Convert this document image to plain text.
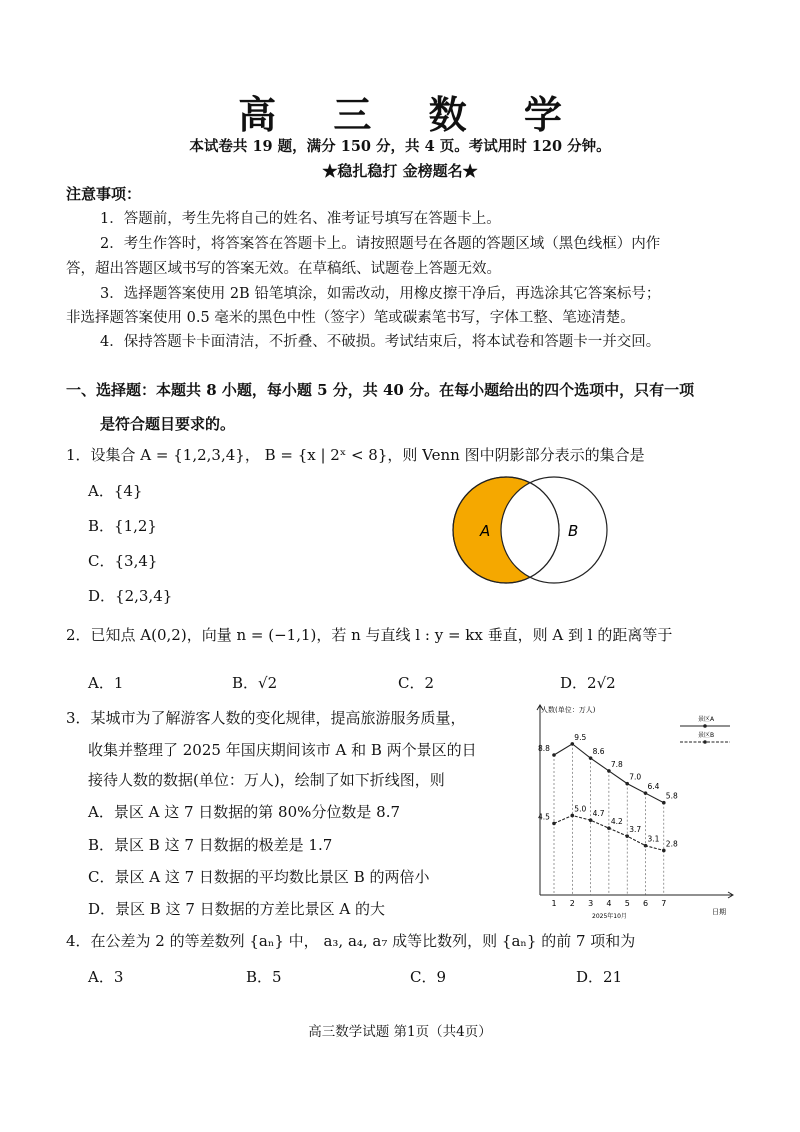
高 三 数 学
本试卷共 19 题，满分 150 分，共 4 页。考试用时 120 分钟。
★稳扎稳打 金榜题名★
注意事项：
1．答题前，考生先将自己的姓名、准考证号填写在答题卡上。
2．考生作答时，将答案答在答题卡上。请按照题号在各题的答题区域（黑色线框）内作
答，超出答题区域书写的答案无效。在草稿纸、试题卷上答题无效。
3．选择题答案使用 2B 铅笔填涂，如需改动，用橡皮擦干净后，再选涂其它答案标号；
非选择题答案使用 0.5 毫米的黑色中性（签字）笔或碳素笔书写，字体工整、笔迹清楚。
4．保持答题卡卡面清洁，不折叠、不破损。考试结束后，将本试卷和答题卡一并交回。
一、选择题：本题共 8 小题，每小题 5 分，共 40 分。在每小题给出的四个选项中，只有一项
是符合题目要求的。
1．设集合 A = {1,2,3,4}， B = {x | 2ˣ < 8}，则 Venn 图中阴影部分表示的集合是
A．{4}
B．{1,2}
C．{3,4}
D．{2,3,4}
A	B
2．已知点 A(0,2)，向量 n = (−1,1)，若 n 与直线 l : y = kx 垂直，则 A 到 l 的距离等于
A．1	B．√2	C．2	D．2√2
3．某城市为了解游客人数的变化规律，提高旅游服务质量，
收集并整理了 2025 年国庆期间该市 A 和 B 两个景区的日
接待人数的数据(单位：万人)，绘制了如下折线图，则
A．景区 A 这 7 日数据的第 80%分位数是 8.7
B．景区 B 这 7 日数据的极差是 1.7
C．景区 A 这 7 日数据的平均数比景区 B 的两倍小
D．景区 B 这 7 日数据的方差比景区 A 的大
人数(单位：万人)
日期
2025年10月
1 2 3 4 5 6 7
8.8
9.5
8.6
7.8
7.0
6.4
5.8
4.5
5.0
4.7
4.2
3.7
3.1
2.8
景区A
景区B
4．在公差为 2 的等差数列 {aₙ} 中， a₃, a₄, a₇ 成等比数列，则 {aₙ} 的前 7 项和为
A．3	B．5	C．9	D．21
高三数学试题 第1页（共4页）
